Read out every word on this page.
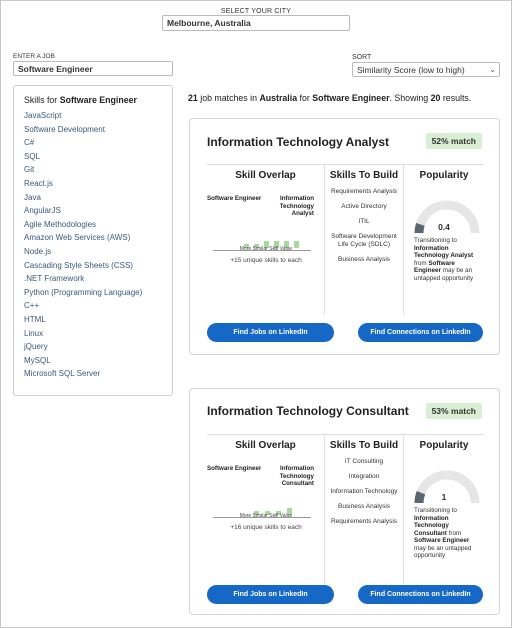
SELECT YOUR CITY
Melbourne, Australia
ENTER A JOB
Software Engineer
SORT
Similarity Score (low to high)	⌄
Skills for Software Engineer
JavaScript
Software Development
C#
SQL
Git
React.js
Java
AngularJS
Agile Methodologies
Amazon Web Services (AWS)
Node.js
Cascading Style Sheets (CSS)
.NET Framework
Python (Programming Language)
C++
HTML
Linux
jQuery
MySQL
Microsoft SQL Server
21 job matches in Australia for Software Engineer. Showing 20 results.
Information Technology Analyst	52% match
Skill Overlap
Software Engineer	Information Technology Analyst
More Similar Skill Value
+15 unique skills to each
Skills To Build
Requirements Analysis
Active Directory
ITIL
Software Development Life Cycle (SDLC)
Business Analysis
Popularity
0.4
Transitioning to Information Technology Analyst from Software Engineer may be an untapped opportunity
Find Jobs on LinkedIn	Find Connections on LinkedIn
Information Technology Consultant	53% match
Skill Overlap
Software Engineer	Information Technology Consultant
More Similar Skill Value
+16 unique skills to each
Skills To Build
IT Consulting
Integration
Information Technology
Business Analysis
Requirements Analysis
Popularity
1
Transitioning to Information Technology Consultant from Software Engineer may be an untapped opportunity
Find Jobs on LinkedIn	Find Connections on LinkedIn
